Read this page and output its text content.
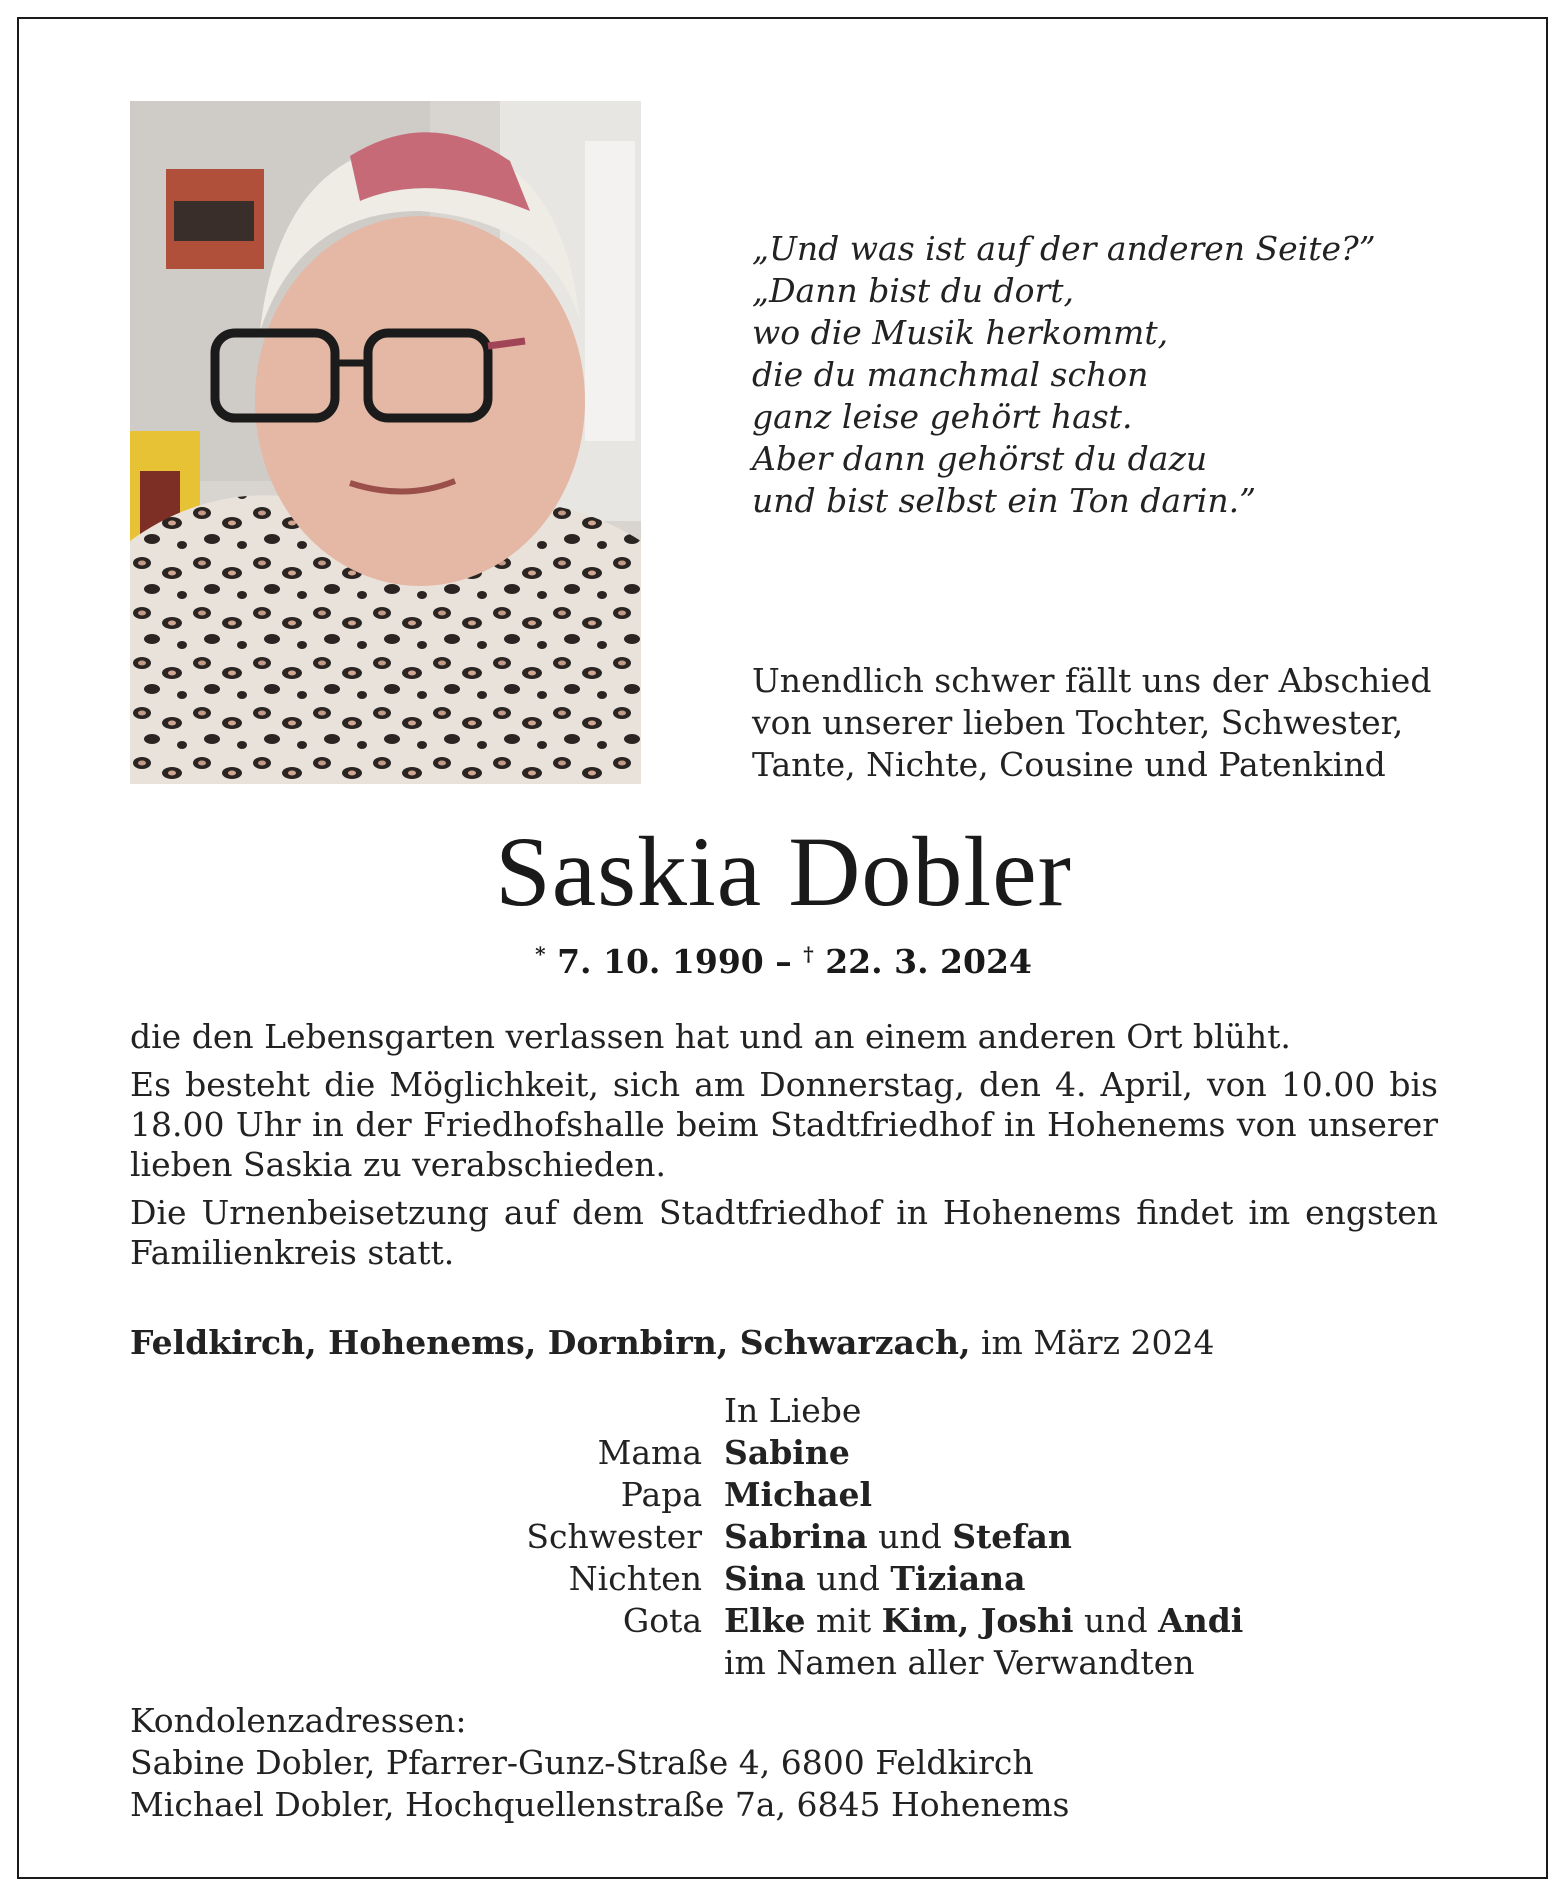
„Und was ist auf der anderen Seite?”
„Dann bist du dort,
wo die Musik herkommt,
die du manchmal schon
ganz leise gehört hast.
Aber dann gehörst du dazu
und bist selbst ein Ton darin.”
Unendlich schwer fällt uns der Abschied
von unserer lieben Tochter, Schwester,
Tante, Nichte, Cousine und Patenkind
Saskia Dobler
* 7. 10. 1990 – † 22. 3. 2024

die den Lebensgarten verlassen hat und an einem anderen Ort blüht.

Es besteht die Möglichkeit, sich am Donnerstag, den 4. April, von 10.00 bis 18.00 Uhr in der Friedhofshalle beim Stadtfriedhof in Hohenems von unserer lieben Saskia zu verabschieden.

Die Urnenbeisetzung auf dem Stadtfriedhof in Hohenems findet im engsten Familienkreis statt.

Feldkirch, Hohenems, Dornbirn, Schwarzach, im März 2024
In Liebe
Mama Sabine
Papa Michael
Schwester Sabrina und Stefan
Nichten Sina und Tiziana
Gota Elke mit Kim, Joshi und Andi
im Namen aller Verwandten
Kondolenzadressen:
Sabine Dobler, Pfarrer-Gunz-Straße 4, 6800 Feldkirch
Michael Dobler, Hochquellenstraße 7a, 6845 Hohenems
